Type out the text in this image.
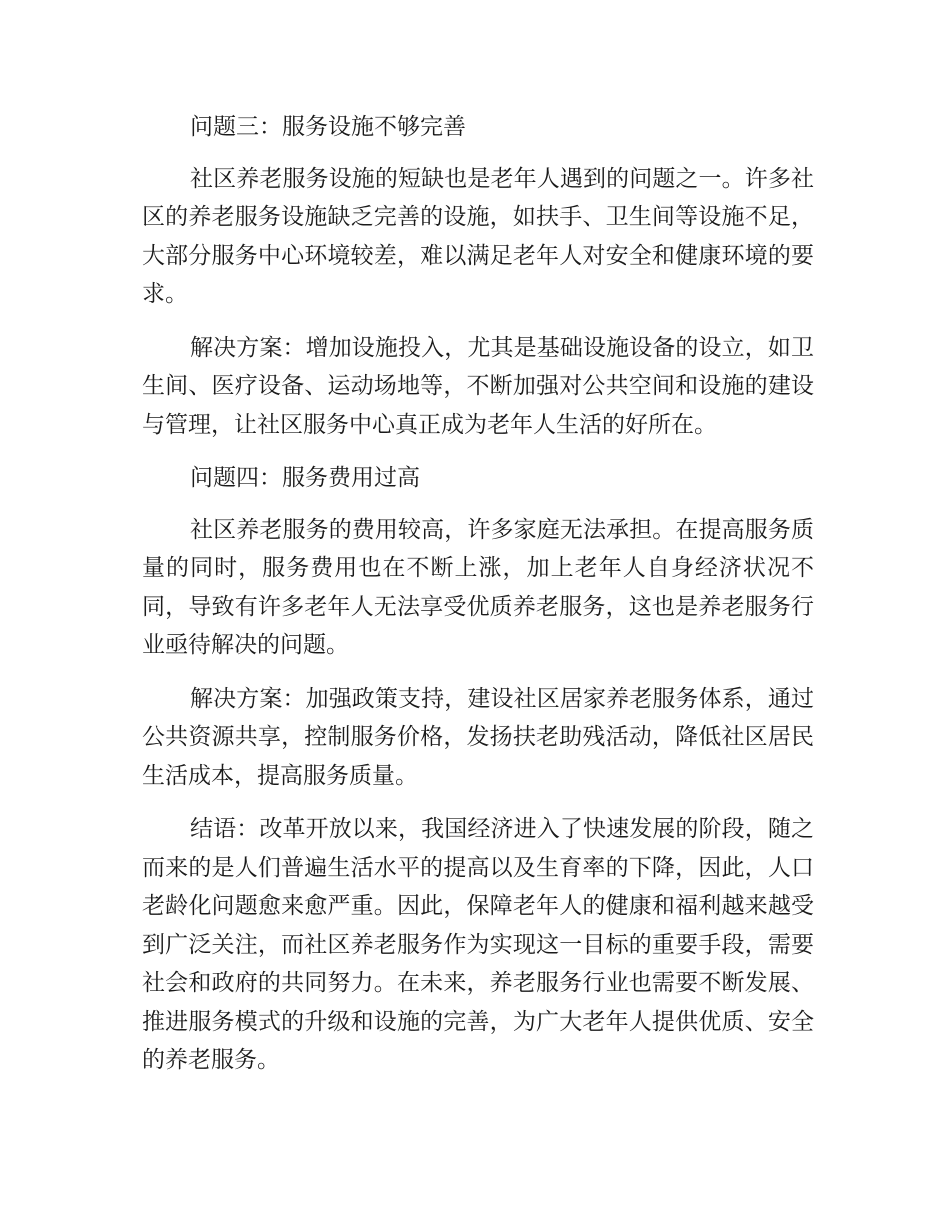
问题三：服务设施不够完善

社区养老服务设施的短缺也是老年人遇到的问题之一。许多社区的养老服务设施缺乏完善的设施，如扶手、卫生间等设施不足，大部分服务中心环境较差，难以满足老年人对安全和健康环境的要求。

解决方案：增加设施投入，尤其是基础设施设备的设立，如卫生间、医疗设备、运动场地等，不断加强对公共空间和设施的建设与管理，让社区服务中心真正成为老年人生活的好所在。

问题四：服务费用过高

社区养老服务的费用较高，许多家庭无法承担。在提高服务质量的同时，服务费用也在不断上涨，加上老年人自身经济状况不同，导致有许多老年人无法享受优质养老服务，这也是养老服务行业亟待解决的问题。

解决方案：加强政策支持，建设社区居家养老服务体系，通过公共资源共享，控制服务价格，发扬扶老助残活动，降低社区居民生活成本，提高服务质量。

结语：改革开放以来，我国经济进入了快速发展的阶段，随之而来的是人们普遍生活水平的提高以及生育率的下降，因此，人口老龄化问题愈来愈严重。因此，保障老年人的健康和福利越来越受到广泛关注，而社区养老服务作为实现这一目标的重要手段，需要社会和政府的共同努力。在未来，养老服务行业也需要不断发展、推进服务模式的升级和设施的完善，为广大老年人提供优质、安全的养老服务。
